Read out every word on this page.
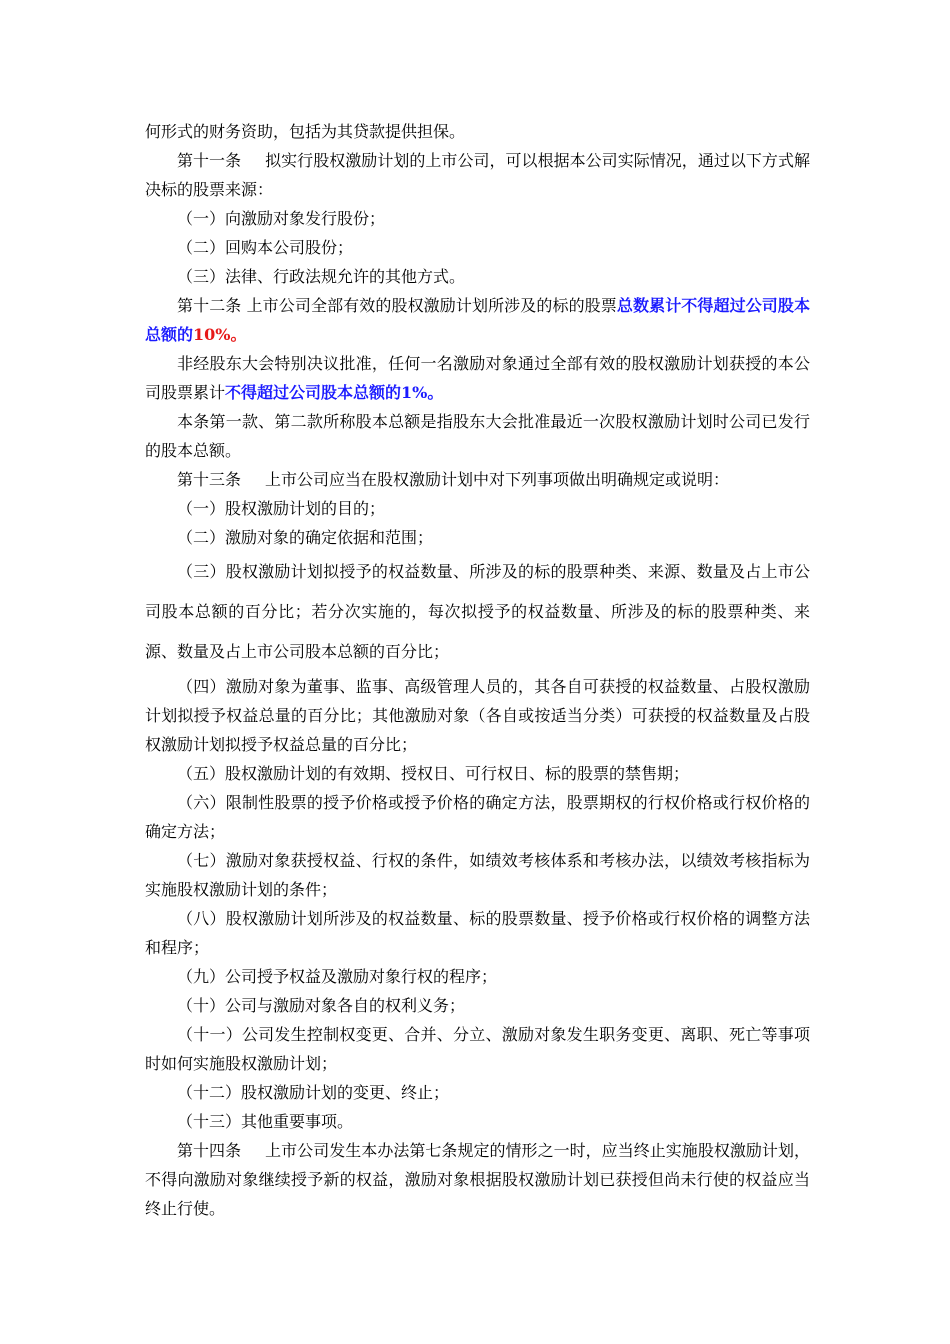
何形式的财务资助，包括为其贷款提供担保。

第十一条 拟实行股权激励计划的上市公司，可以根据本公司实际情况，通过以下方式解决标的股票来源：

（一）向激励对象发行股份；

（二）回购本公司股份；

（三）法律、行政法规允许的其他方式。

第十二条 上市公司全部有效的股权激励计划所涉及的标的股票总数累计不得超过公司股本总额的10%。

非经股东大会特别决议批准，任何一名激励对象通过全部有效的股权激励计划获授的本公司股票累计不得超过公司股本总额的1%。

本条第一款、第二款所称股本总额是指股东大会批准最近一次股权激励计划时公司已发行的股本总额。

第十三条 上市公司应当在股权激励计划中对下列事项做出明确规定或说明：

（一）股权激励计划的目的；

（二）激励对象的确定依据和范围；

（三）股权激励计划拟授予的权益数量、所涉及的标的股票种类、来源、数量及占上市公司股本总额的百分比；若分次实施的，每次拟授予的权益数量、所涉及的标的股票种类、来源、数量及占上市公司股本总额的百分比；

（四）激励对象为董事、监事、高级管理人员的，其各自可获授的权益数量、占股权激励计划拟授予权益总量的百分比；其他激励对象（各自或按适当分类）可获授的权益数量及占股权激励计划拟授予权益总量的百分比；

（五）股权激励计划的有效期、授权日、可行权日、标的股票的禁售期；

（六）限制性股票的授予价格或授予价格的确定方法，股票期权的行权价格或行权价格的确定方法；

（七）激励对象获授权益、行权的条件，如绩效考核体系和考核办法，以绩效考核指标为实施股权激励计划的条件；

（八）股权激励计划所涉及的权益数量、标的股票数量、授予价格或行权价格的调整方法和程序；

（九）公司授予权益及激励对象行权的程序；

（十）公司与激励对象各自的权利义务；

（十一）公司发生控制权变更、合并、分立、激励对象发生职务变更、离职、死亡等事项时如何实施股权激励计划；

（十二）股权激励计划的变更、终止；

（十三）其他重要事项。

第十四条 上市公司发生本办法第七条规定的情形之一时，应当终止实施股权激励计划，不得向激励对象继续授予新的权益，激励对象根据股权激励计划已获授但尚未行使的权益应当终止行使。
